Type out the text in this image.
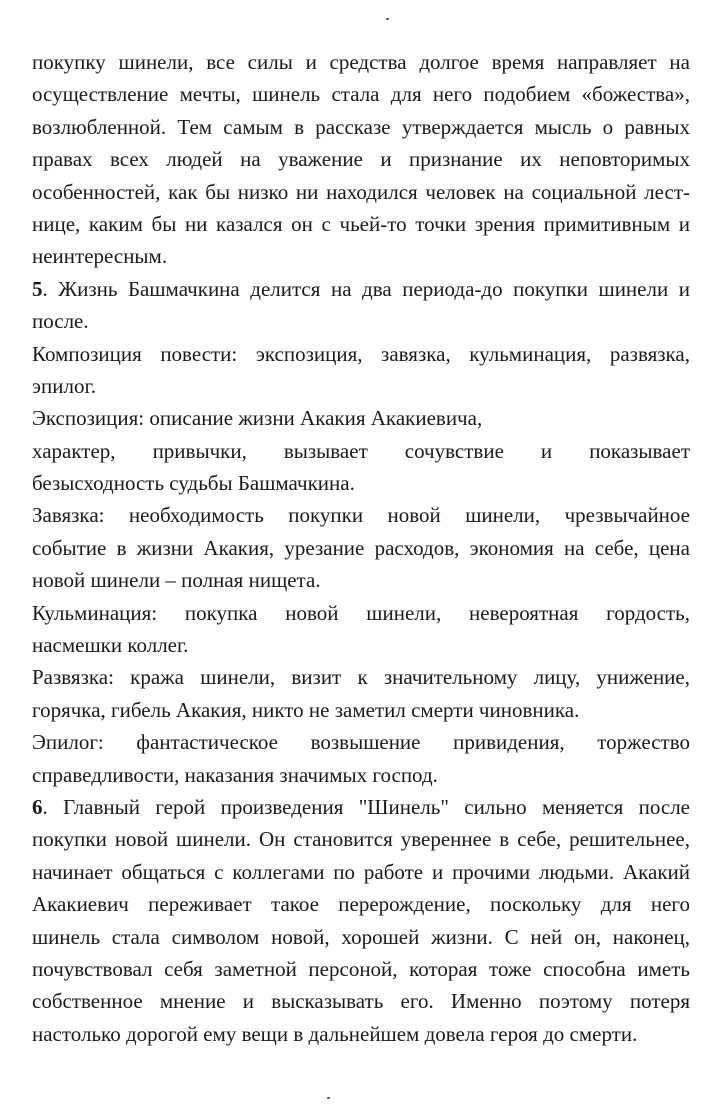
покупку шинели, все силы и средства долгое время направляет на
осуществление мечты, шинель стала для него подобием «божества»,
возлюбленной. Тем самым в рассказе утверждается мысль о равных
правах всех людей на уважение и признание их неповторимых
особенностей, как бы низко ни находился человек на социальной лест-
нице, каким бы ни казался он с чьей-то точки зрения примитивным и
неинтересным.
5. Жизнь Башмачкина делится на два периода-до покупки шинели и
после.
Композиция повести: экспозиция, завязка, кульминация, развязка,
эпилог.
Экспозиция: описание жизни Акакия Акакиевича,
характер, привычки, вызывает сочувствие и показывает
безысходность судьбы Башмачкина.
Завязка: необходимость покупки новой шинели, чрезвычайное
событие в жизни Акакия, урезание расходов, экономия на себе, цена
новой шинели – полная нищета.
Кульминация: покупка новой шинели, невероятная гордость,
насмешки коллег.
Развязка: кража шинели, визит к значительному лицу, унижение,
горячка, гибель Акакия, никто не заметил смерти чиновника.
Эпилог: фантастическое возвышение привидения, торжество
справедливости, наказания значимых господ.
6. Главный герой произведения "Шинель" сильно меняется после
покупки новой шинели. Он становится увереннее в себе, решительнее,
начинает общаться с коллегами по работе и прочими людьми. Акакий
Акакиевич переживает такое перерождение, поскольку для него
шинель стала символом новой, хорошей жизни. С ней он, наконец,
почувствовал себя заметной персоной, которая тоже способна иметь
собственное мнение и высказывать его. Именно поэтому потеря
настолько дорогой ему вещи в дальнейшем довела героя до смерти.
